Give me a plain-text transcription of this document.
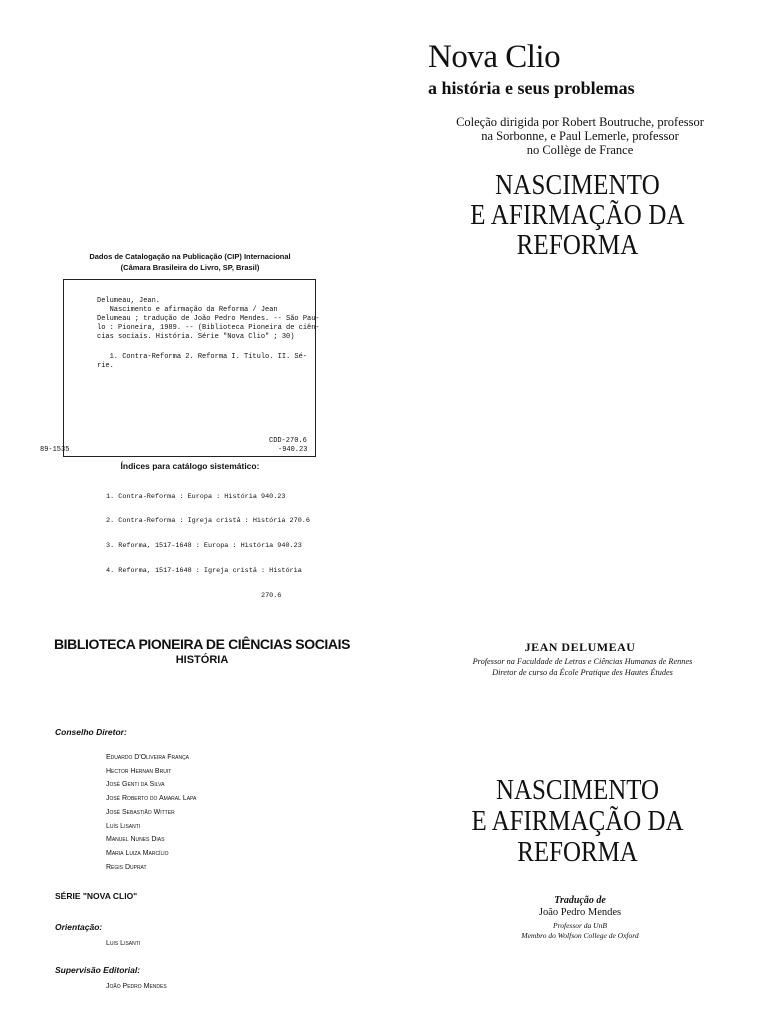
Nova Clio
a história e seus problemas
Coleção dirigida por Robert Boutruche, professor
na Sorbonne, e Paul Lemerle, professor
no Collège de France
NASCIMENTO
E AFIRMAÇÃO DA
REFORMA
Dados de Catalogação na Publicação (CIP) Internacional
(Câmara Brasileira do Livro, SP, Brasil)
Delumeau, Jean.
Nascimento e afirmação da Reforma / Jean
Delumeau ; tradução de João Pedro Mendes. -- São Pau-
lo : Pioneira, 1989. -- (Biblioteca Pioneira de ciên-
cias sociais. História. Série "Nova Clio" ; 30)
1. Contra-Reforma 2. Reforma I. Título. II. Sé-
rie.
CDD-270.6
-940.23
89-1535
Índices para catálogo sistemático:

1. Contra-Reforma : Europa : História 940.23

2. Contra-Reforma : Igreja cristã : História 270.6

3. Reforma, 1517-1648 : Europa : História 940.23

4. Reforma, 1517-1648 : Igreja cristã : História

270.6

BIBLIOTECA PIONEIRA DE CIÊNCIAS SOCIAIS
HISTÓRIA
Conselho Diretor:
Eduardo D'Oliveira França
Hector Hernan Bruit
José Genti da Silva
José Roberto do Amaral Lapa
José Sebastião Witter
Luís Lisanti
Manuel Nunes Dias
Maria Luiza Marcílio
Regis Duprat
SÉRIE "NOVA CLIO"
Orientação:
Luis Lisanti
Supervisão Editorial:
João Pedro Mendes
JEAN DELUMEAU
Professor na Faculdade de Letras e Ciências Humanas de Rennes
Diretor de curso da École Pratique des Hautes Études
NASCIMENTO
E AFIRMAÇÃO DA
REFORMA
Tradução de
João Pedro Mendes
Professor da UnB
Membro do Wolfson College de Oxford
